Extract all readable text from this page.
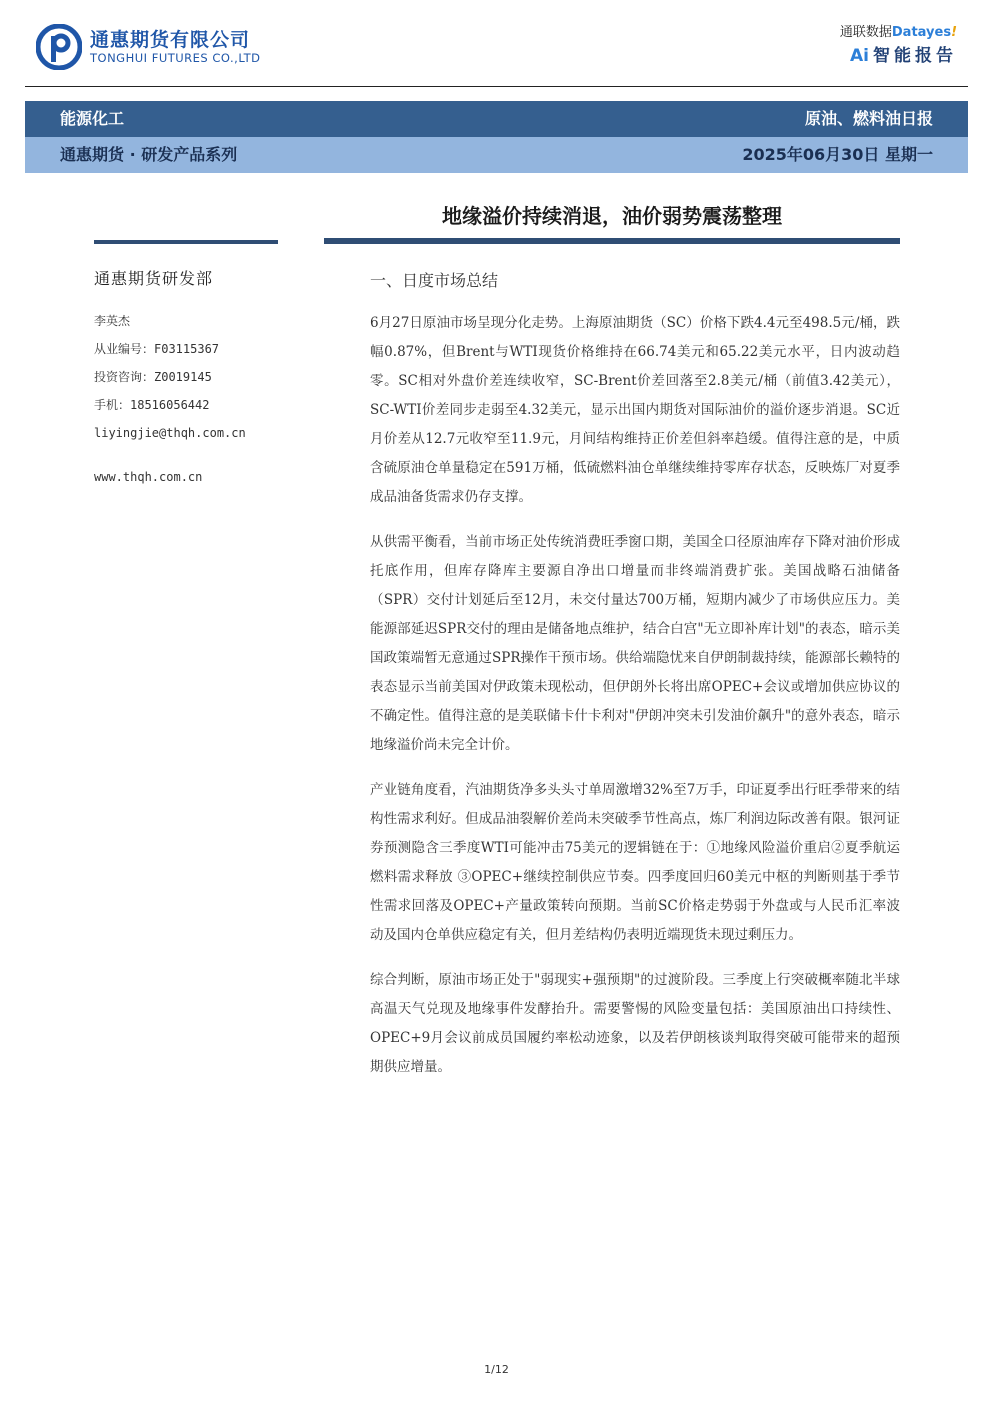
通惠期货有限公司
TONGHUI FUTURES CO.,LTD
通联数据Datayes!
Ai 智能报告
能源化工	原油、燃料油日报
通惠期货 · 研发产品系列	2025年06月30日 星期一
地缘溢价持续消退，油价弱势震荡整理
通惠期货研发部
李英杰
从业编号：F03115367
投资咨询：Z0019145
手机：18516056442
liyingjie@thqh.com.cn
www.thqh.com.cn
一、日度市场总结

6月27日原油市场呈现分化走势。上海原油期货（SC）价格下跌4.4元至498.5元/桶，跌幅0.87%，但Brent与WTI现货价格维持在66.74美元和65.22美元水平，日内波动趋零。SC相对外盘价差连续收窄，SC-Brent价差回落至2.8美元/桶（前值3.42美元），SC-WTI价差同步走弱至4.32美元，显示出国内期货对国际油价的溢价逐步消退。SC近月价差从12.7元收窄至11.9元，月间结构维持正价差但斜率趋缓。值得注意的是，中质含硫原油仓单量稳定在591万桶，低硫燃料油仓单继续维持零库存状态，反映炼厂对夏季成品油备货需求仍存支撑。

从供需平衡看，当前市场正处传统消费旺季窗口期，美国全口径原油库存下降对油价形成托底作用，但库存降库主要源自净出口增量而非终端消费扩张。美国战略石油储备（SPR）交付计划延后至12月，未交付量达700万桶，短期内减少了市场供应压力。美能源部延迟SPR交付的理由是储备地点维护，结合白宫"无立即补库计划"的表态，暗示美国政策端暂无意通过SPR操作干预市场。供给端隐忧来自伊朗制裁持续，能源部长赖特的表态显示当前美国对伊政策未现松动，但伊朗外长将出席OPEC+会议或增加供应协议的不确定性。值得注意的是美联储卡什卡利对"伊朗冲突未引发油价飙升"的意外表态，暗示地缘溢价尚未完全计价。

产业链角度看，汽油期货净多头头寸单周激增32%至7万手，印证夏季出行旺季带来的结构性需求利好。但成品油裂解价差尚未突破季节性高点，炼厂利润边际改善有限。银河证券预测隐含三季度WTI可能冲击75美元的逻辑链在于：①地缘风险溢价重启②夏季航运燃料需求释放 ③OPEC+继续控制供应节奏。四季度回归60美元中枢的判断则基于季节性需求回落及OPEC+产量政策转向预期。当前SC价格走势弱于外盘或与人民币汇率波动及国内仓单供应稳定有关，但月差结构仍表明近端现货未现过剩压力。

综合判断，原油市场正处于"弱现实+强预期"的过渡阶段。三季度上行突破概率随北半球高温天气兑现及地缘事件发酵抬升。需要警惕的风险变量包括：美国原油出口持续性、OPEC+9月会议前成员国履约率松动迹象，以及若伊朗核谈判取得突破可能带来的超预期供应增量。

1/12
